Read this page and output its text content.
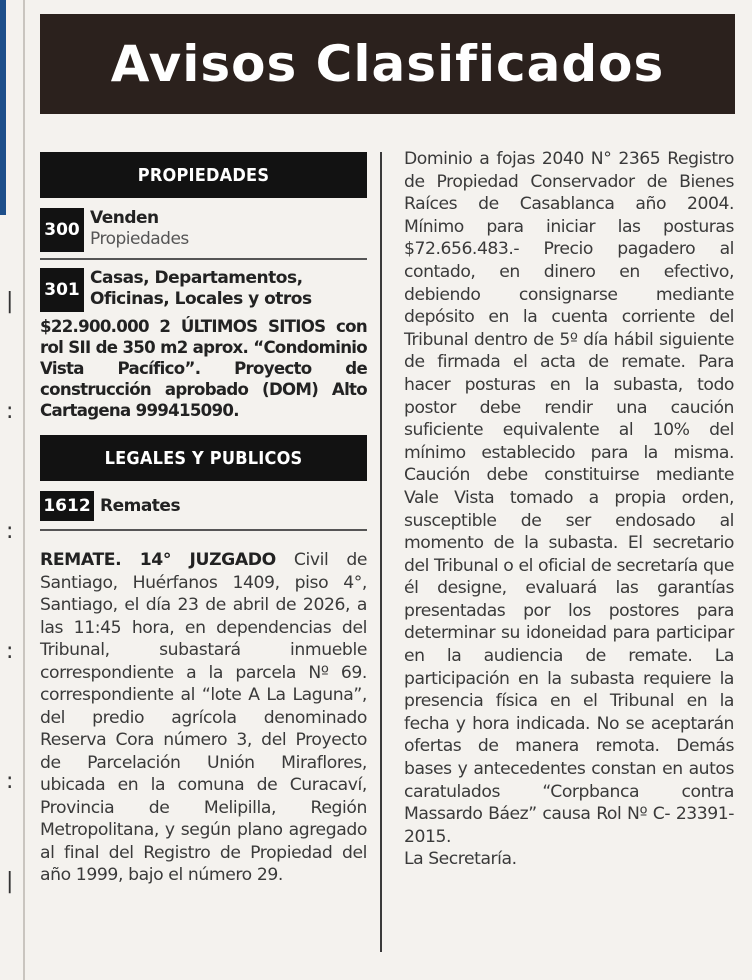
|
:
:
:
:
|
Avisos Clasificados
PROPIEDADES
300
Venden
Propiedades
301
Casas, Departamentos, Oficinas, Locales y otros
$22.900.000 2 ÚLTIMOS SITIOS con rol SII de 350 m2 aprox. “Condominio Vista Pacífico”. Proyecto de construcción aprobado (DOM) Alto Cartagena 999415090.
LEGALES Y PUBLICOS
1612 Remates

REMATE. 14° JUZGADO Civil de Santiago, Huérfanos 1409, piso 4°, Santiago, el día 23 de abril de 2026, a las 11:45 hora, en dependencias del Tribunal, subastará inmueble correspondiente a la parcela Nº 69. correspondiente al “lote A La Laguna”, del predio agrícola denominado Reserva Cora número 3, del Proyecto de Parcelación Unión Miraflores, ubicada en la comuna de Curacaví, Provincia de Melipilla, Región Metropolitana, y según plano agregado al final del Registro de Propiedad del año 1999, bajo el número 29.

Dominio a fojas 2040 N° 2365 Registro de Propiedad Conservador de Bienes Raíces de Casablanca año 2004. Mínimo para iniciar las posturas $72.656.483.- Precio pagadero al contado, en dinero en efectivo, debiendo consignarse mediante depósito en la cuenta corriente del Tribunal dentro de 5º día hábil siguiente de firmada el acta de remate. Para hacer posturas en la subasta, todo postor debe rendir una caución suficiente equivalente al 10% del mínimo establecido para la misma. Caución debe constituirse mediante Vale Vista tomado a propia orden, susceptible de ser endosado al momento de la subasta. El secretario del Tribunal o el oficial de secretaría que él designe, evaluará las garantías presentadas por los postores para determinar su idoneidad para participar en la audiencia de remate. La participación en la subasta requiere la presencia física en el Tribunal en la fecha y hora indicada. No se aceptarán ofertas de manera remota. Demás bases y antecedentes constan en autos caratulados “Corpbanca contra Massardo Báez” causa Rol Nº C- 23391-2015.
La Secretaría.
